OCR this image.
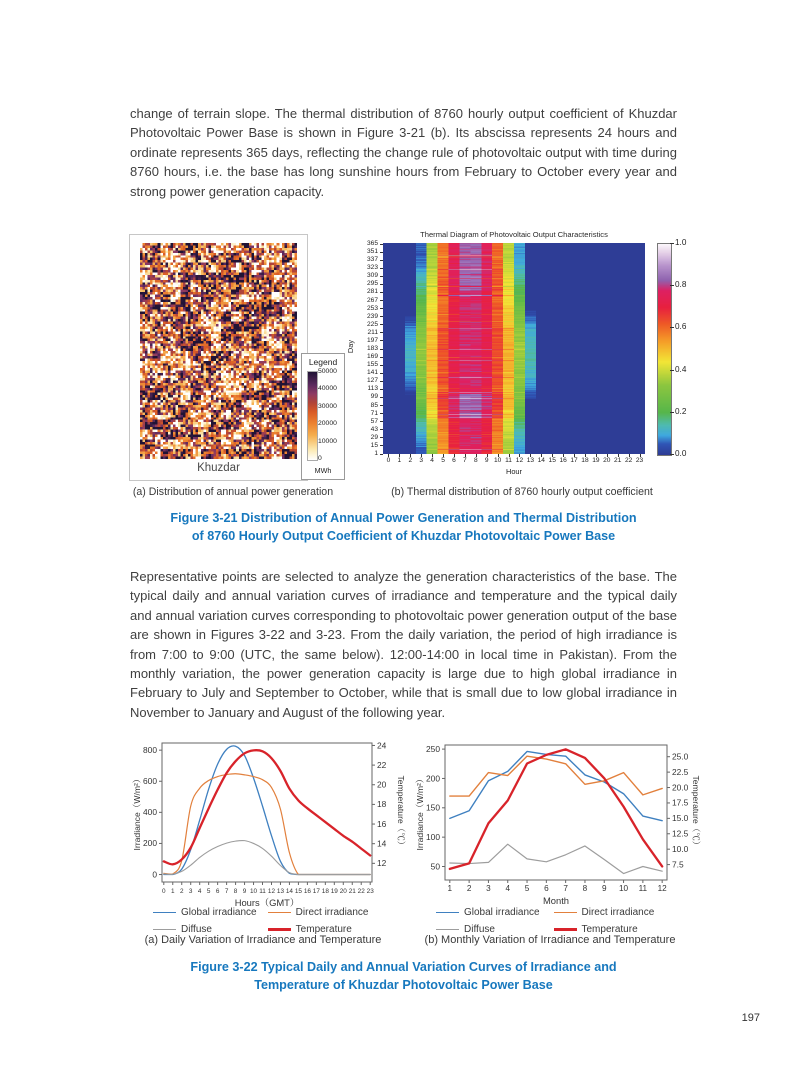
change of terrain slope. The thermal distribution of 8760 hourly output coefficient of Khuzdar Photovoltaic Power Base is shown in Figure 3-21 (b). Its abscissa represents 24 hours and ordinate represents 365 days, reflecting the change rule of photovoltaic output with time during 8760 hours, i.e. the base has long sunshine hours from February to October every year and strong power generation capacity.

Khuzdar
Legend
50000
40000
30000
20000
10000
0
MWh
Thermal Diagram of Photovoltaic Output Characteristics
365
351
337
323
309
295
281
267
253
239
225
211
197
183
169
155
141
127
113
99
85
71
57
43
29
15
1
0	1	2	3	4	5	6	7	8	9 10 11 12 13 14 15 16 17 18 19 20 21 22 23
Hour
Day
1.0
0.8
0.6
0.4
0.2
0.0
(a) Distribution of annual power generation	(b) Thermal distribution of 8760 hourly output coefficient
Figure 3-21 Distribution of Annual Power Generation and Thermal Distribution
of 8760 Hourly Output Coefficient of Khuzdar Photovoltaic Power Base

Representative points are selected to analyze the generation characteristics of the base. The typical daily and annual variation curves of irradiance and temperature and the typical daily and annual variation curves corresponding to photovoltaic power generation output of the base are shown in Figures 3-22 and 3-23. From the daily variation, the period of high irradiance is from 7:00 to 9:00 (UTC, the same below). 12:00-14:00 in local time in Pakistan). From the monthly variation, the power generation capacity is large due to high global irradiance in February to July and September to October, while that is small due to low global irradiance in November to January and August of the following year.

0
200
400
600
800
12
14
16
18
20
22
24
0 1 2 3 4 5 6 7 8 9 10 11 12 13 14 15 16 17 18 19 20 21 22 23
Hours（GMT）
Irradiance（W/m²）	Temperature（℃）
50
100
150
200
250
7.5
10.0
12.5
15.0
17.5
20.0
22.5
25.0
1 2 3 4 5 6 7 8 9 10 11 12
Month
Irradiance（W/m²）	Temperature（℃）
Global irradiance	Direct irradiance
Diffuse	Temperature
Global irradiance	Direct irradiance
Diffuse	Temperature
(a) Daily Variation of Irradiance and Temperature	(b) Monthly Variation of Irradiance and Temperature
Figure 3-22 Typical Daily and Annual Variation Curves of Irradiance and
Temperature of Khuzdar Photovoltaic Power Base
197
